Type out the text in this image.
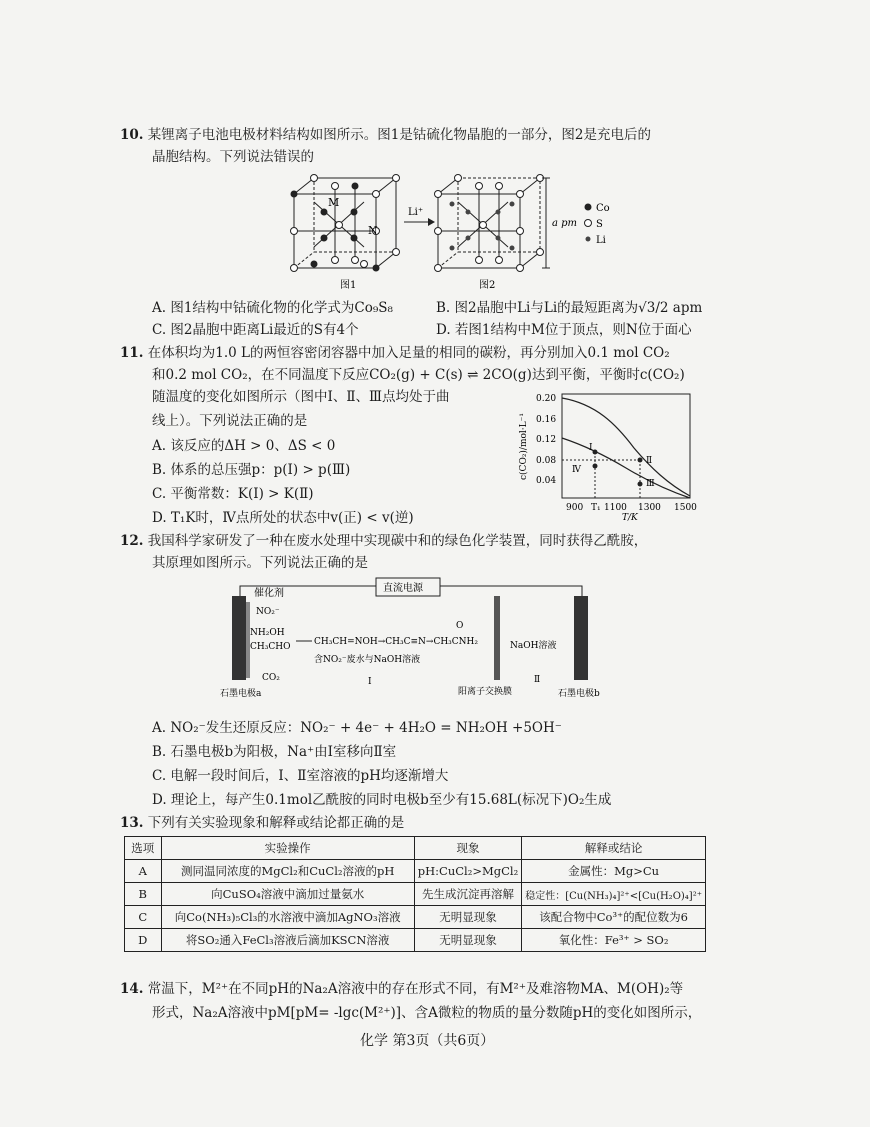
10. 某锂离子电池电极材料结构如图所示。图1是钴硫化物晶胞的一部分，图2是充电后的
晶胞结构。下列说法错误的
M
N
图1
Li⁺
图2
a pm
Co
S
Li
A. 图1结构中钴硫化物的化学式为Co₉S₈	B. 图2晶胞中Li与Li的最短距离为√3/2 apm
C. 图2晶胞中距离Li最近的S有4个	D. 若图1结构中M位于顶点，则N位于面心
11. 在体积均为1.0 L的两恒容密闭容器中加入足量的相同的碳粉，再分别加入0.1 mol CO₂
和0.2 mol CO₂，在不同温度下反应CO₂(g) + C(s) ⇌ 2CO(g)达到平衡，平衡时c(CO₂)
随温度的变化如图所示（图中Ⅰ、Ⅱ、Ⅲ点均处于曲
线上）。下列说法正确的是
A. 该反应的ΔH > 0、ΔS < 0
B. 体系的总压强p：p(Ⅰ) > p(Ⅲ)
C. 平衡常数：K(Ⅰ) > K(Ⅱ)
D. T₁K时，Ⅳ点所处的状态中v(正) < v(逆)
c(CO₂)/mol·L⁻¹
0.20
0.16
0.12
0.08
0.04
Ⅰ
Ⅱ
Ⅲ
Ⅳ
900 T₁ 1100 1300 1500
T/K
12. 我国科学家研发了一种在废水处理中实现碳中和的绿色化学装置，同时获得乙酰胺，
其原理如图所示。下列说法正确的是
直流电源
催化剂
NO₂⁻
NH₂OH
CH₃CHO
CO₂
CH₃CH=NOH→CH₃C≡N→CH₃CNH₂
O
含NO₂⁻废水与NaOH溶液
Ⅰ
NaOH溶液
Ⅱ
阳离子交换膜
石墨电极a	石墨电极b
A. NO₂⁻发生还原反应：NO₂⁻ + 4e⁻ + 4H₂O = NH₂OH +5OH⁻
B. 石墨电极b为阳极，Na⁺由Ⅰ室移向Ⅱ室
C. 电解一段时间后，Ⅰ、Ⅱ室溶液的pH均逐渐增大
D. 理论上，每产生0.1mol乙酰胺的同时电极b至少有15.68L(标况下)O₂生成
13. 下列有关实验现象和解释或结论都正确的是
选项	实验操作	现象	解释或结论
A	测同温同浓度的MgCl₂和CuCl₂溶液的pH	pH:CuCl₂>MgCl₂	金属性：Mg>Cu
B	向CuSO₄溶液中滴加过量氨水	先生成沉淀再溶解	稳定性：[Cu(NH₃)₄]²⁺<[Cu(H₂O)₄]²⁺
C	向Co(NH₃)₅Cl₃的水溶液中滴加AgNO₃溶液	无明显现象	该配合物中Co³⁺的配位数为6
D	将SO₂通入FeCl₃溶液后滴加KSCN溶液	无明显现象	氧化性：Fe³⁺ > SO₂
14. 常温下，M²⁺在不同pH的Na₂A溶液中的存在形式不同，有M²⁺及难溶物MA、M(OH)₂等
形式，Na₂A溶液中pM[pM= -lgc(M²⁺)]、含A微粒的物质的量分数随pH的变化如图所示，
化学 第3页（共6页）
